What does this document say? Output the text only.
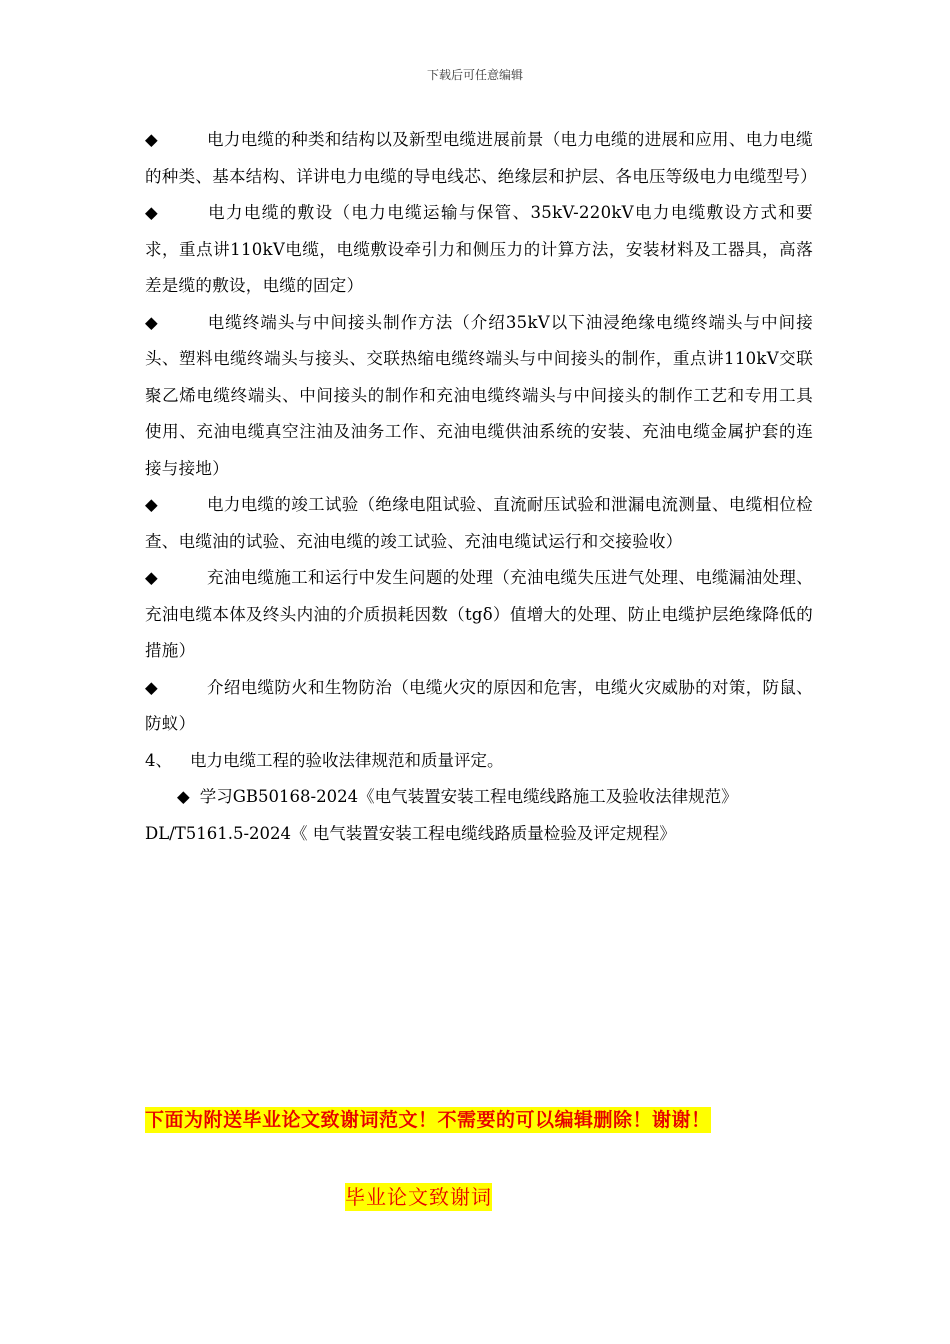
下载后可任意编辑
◆	电力电缆的种类和结构以及新型电缆进展前景（电力电缆的进展和应用、电力电缆的种类、基本结构、详讲电力电缆的导电线芯、绝缘层和护层、各电压等级电力电缆型号）
◆	电力电缆的敷设（电力电缆运输与保管、35kV-220kV电力电缆敷设方式和要求，重点讲110kV电缆，电缆敷设牵引力和侧压力的计算方法，安装材料及工器具，高落差是缆的敷设，电缆的固定）
◆	电缆终端头与中间接头制作方法（介绍35kV以下油浸绝缘电缆终端头与中间接头、塑料电缆终端头与接头、交联热缩电缆终端头与中间接头的制作，重点讲110kV交联聚乙烯电缆终端头、中间接头的制作和充油电缆终端头与中间接头的制作工艺和专用工具使用、充油电缆真空注油及油务工作、充油电缆供油系统的安装、充油电缆金属护套的连接与接地）
◆	电力电缆的竣工试验（绝缘电阻试验、直流耐压试验和泄漏电流测量、电缆相位检查、电缆油的试验、充油电缆的竣工试验、充油电缆试运行和交接验收）
◆	充油电缆施工和运行中发生问题的处理（充油电缆失压进气处理、电缆漏油处理、充油电缆本体及终头内油的介质损耗因数（tgδ）值增大的处理、防止电缆护层绝缘降低的措施）
◆	介绍电缆防火和生物防治（电缆火灾的原因和危害，电缆火灾威胁的对策，防鼠、防蚁）
4、 电力电缆工程的验收法律规范和质量评定。
◆ 学习GB50168-2024《电气装置安装工程电缆线路施工及验收法律规范》DL/T5161.5-2024《 电气装置安装工程电缆线路质量检验及评定规程》
下面为附送毕业论文致谢词范文！不需要的可以编辑删除！谢谢！
毕业论文致谢词
